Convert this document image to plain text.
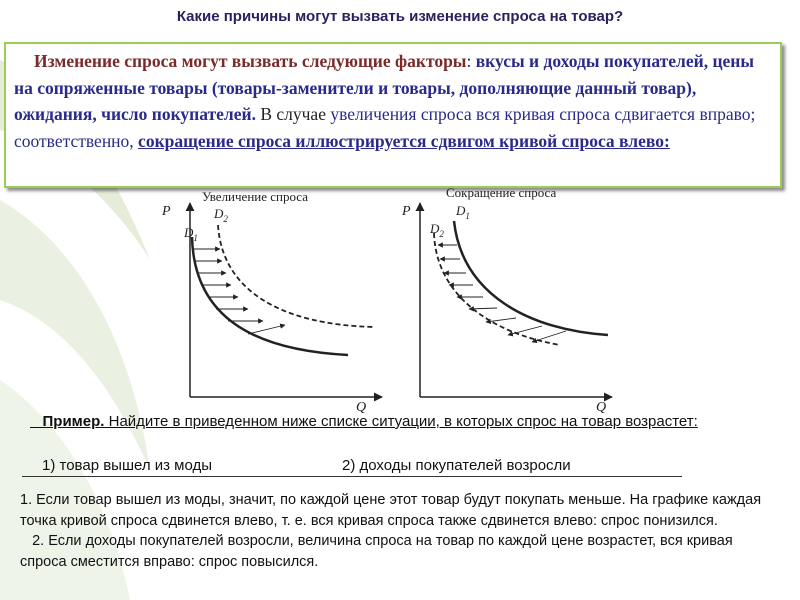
Какие причины могут вызвать изменение спроса на товар?
Изменение спроса могут вызвать следующие факторы: вкусы и доходы покупателей, цены на сопряженные товары (товары-заменители и товары, дополняющие данный товар), ожидания, число покупателей. В случае увеличения спроса вся кривая спроса сдвигается вправо; соответственно, сокращение спроса иллюстрируется сдвигом кривой спроса влево:
Увеличение спроса
P
Q
$D_1$
$D_2$
Сокращение спроса
P
Q
$D_2$
$D_1$
Пример. Найдите в приведенном ниже списке ситуации, в которых спрос на товар возрастет:
1) товар вышел из моды	2) доходы покупателей возросли

1. Если товар вышел из моды, значит, по каждой цене этот товар будут покупать меньше. На графике каждая точка кривой спроса сдвинется влево, т. е. вся кривая спроса также сдвинется влево: спрос понизился.

2. Если доходы покупателей возросли, величина спроса на товар по каждой цене возрастет, вся кривая спроса сместится вправо: спрос повысился.
